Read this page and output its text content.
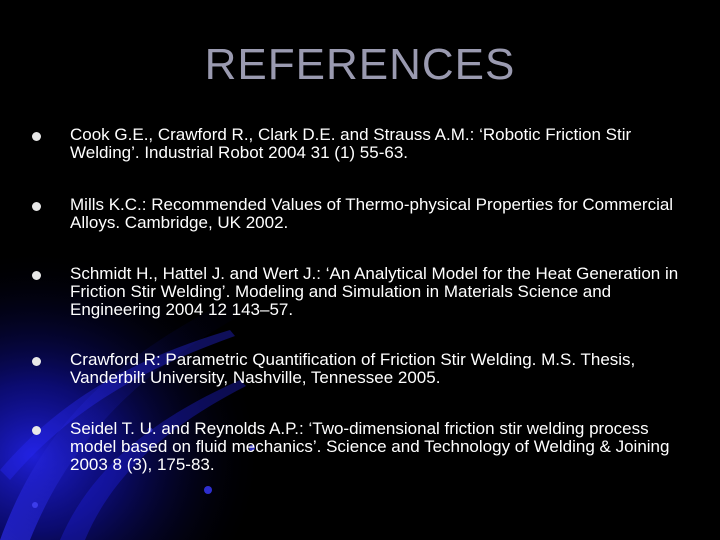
REFERENCES
Cook G.E., Crawford R., Clark D.E. and Strauss A.M.: ‘Robotic Friction Stir Welding’. Industrial Robot 2004 31 (1) 55-63.
Mills K.C.: Recommended Values of Thermo-physical Properties for Commercial Alloys. Cambridge, UK 2002.
Schmidt H., Hattel J. and Wert J.: ‘An Analytical Model for the Heat Generation in Friction Stir Welding’. Modeling and Simulation in Materials Science and Engineering 2004 12 143–57.
Crawford R: Parametric Quantification of Friction Stir Welding. M.S. Thesis, Vanderbilt University, Nashville, Tennessee 2005.
Seidel T. U. and Reynolds A.P.: ‘Two-dimensional friction stir welding process model based on fluid mechanics’. Science and Technology of Welding & Joining 2003 8 (3), 175-83.
